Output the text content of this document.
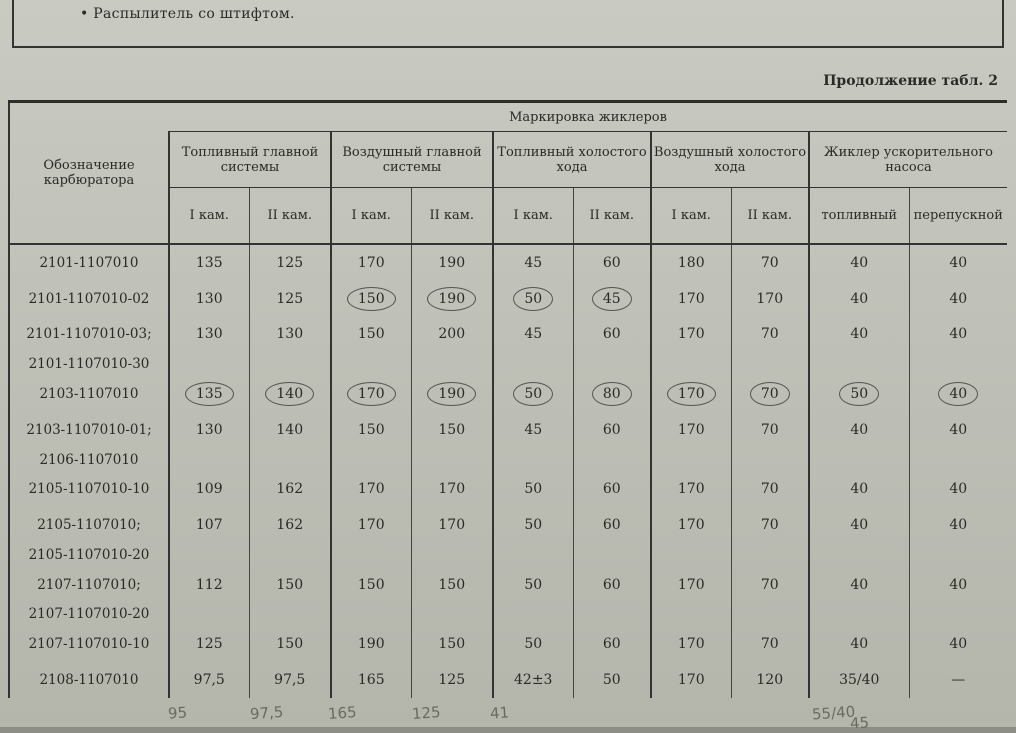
• Распылитель со штифтом.
Продолжение табл. 2
Обозначение карбюратора	Маркировка жиклеров									
	Топливный главной системы		Воздушный главной системы		Топливный холостого хода		Воздушный холостого хода		Жиклер ускорительного насоса	
	I кам.	II кам.	I кам.	II кам.	I кам.	II кам.	I кам.	II кам.	топливный	перепускной
2101-1107010	135	125	170	190	45	60	180	70	40	40
2101-1107010-02	130	125	150	190	50	45	170	170	40	40
2101-1107010-03;	130	130	150	200	45	60	170	70	40	40
2101-1107010-30										
2103-1107010	135	140	170	190	50	80	170	70	50	40
2103-1107010-01;	130	140	150	150	45	60	170	70	40	40
2106-1107010										
2105-1107010-10	109	162	170	170	50	60	170	70	40	40
2105-1107010;	107	162	170	170	50	60	170	70	40	40
2105-1107010-20										
2107-1107010;	112	150	150	150	50	60	170	70	40	40
2107-1107010-20										
2107-1107010-10	125	150	190	150	50	60	170	70	40	40
2108-1107010	97,5	97,5	165	125	42±3	50	170	120	35/40	—
95	97,5	165	125	41	55/40
45
